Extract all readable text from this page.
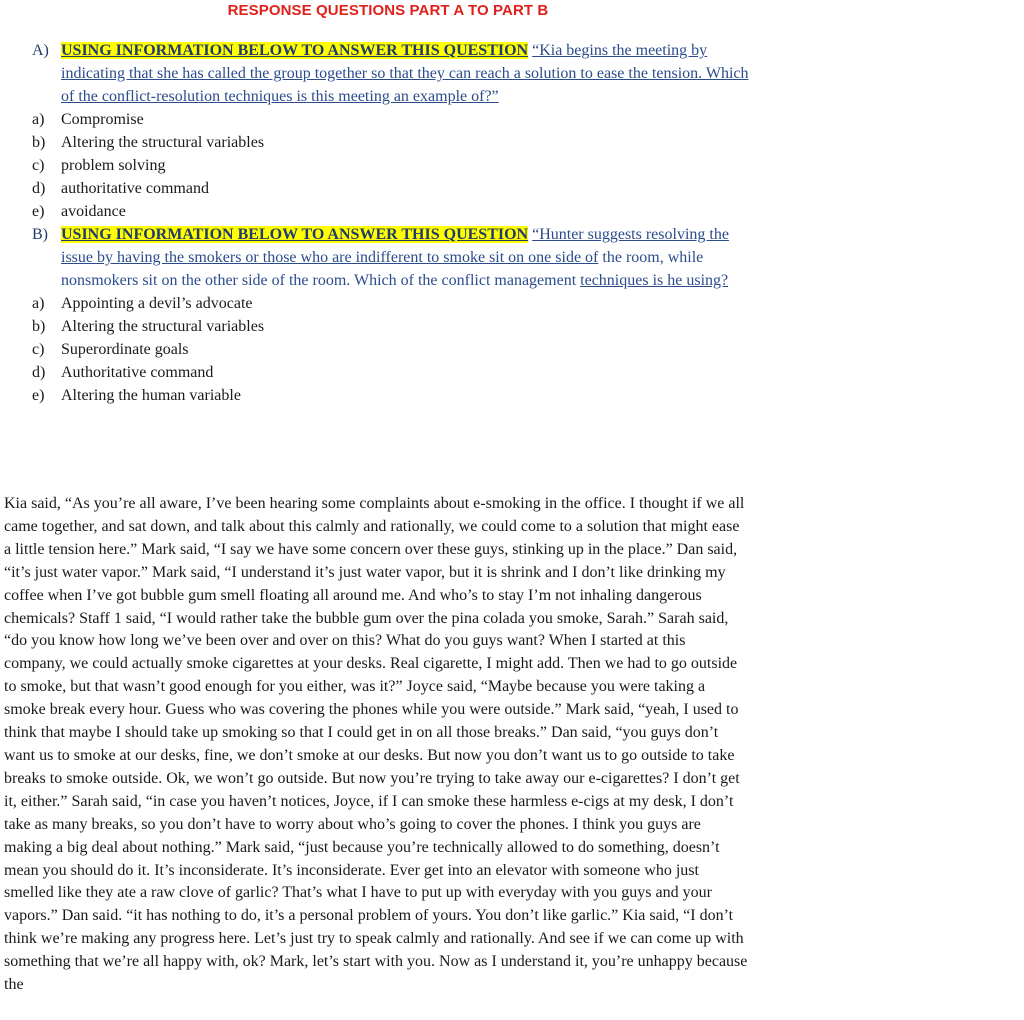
RESPONSE QUESTIONS PART A TO PART B
A) USING INFORMATION BELOW TO ANSWER THIS QUESTION “Kia begins the meeting by indicating that she has called the group together so that they can reach a solution to ease the tension. Which of the conflict-resolution techniques is this meeting an example of?”
a)	Compromise
b) Altering the structural variables
c)	problem solving
d) authoritative command
e)	avoidance
B) USING INFORMATION BELOW TO ANSWER THIS QUESTION “Hunter suggests resolving the issue by having the smokers or those who are indifferent to smoke sit on one side of the room, while nonsmokers sit on the other side of the room. Which of the conflict management techniques is he using?
a)	Appointing a devil’s advocate
b) Altering the structural variables
c)	Superordinate goals
d) Authoritative command
e)	Altering the human variable

Kia said, “As you’re all aware, I’ve been hearing some complaints about e-smoking in the office. I thought if we all came together, and sat down, and talk about this calmly and rationally, we could come to a solution that might ease a little tension here.” Mark said, “I say we have some concern over these guys, stinking up in the place.” Dan said, “it’s just water vapor.” Mark said, “I understand it’s just water vapor, but it is shrink and I don’t like drinking my coffee when I’ve got bubble gum smell floating all around me. And who’s to stay I’m not inhaling dangerous chemicals? Staff 1 said, “I would rather take the bubble gum over the pina colada you smoke, Sarah.” Sarah said, “do you know how long we’ve been over and over on this? What do you guys want? When I started at this company, we could actually smoke cigarettes at your desks. Real cigarette, I might add. Then we had to go outside to smoke, but that wasn’t good enough for you either, was it?” Joyce said, “Maybe because you were taking a smoke break every hour. Guess who was covering the phones while you were outside.” Mark said, “yeah, I used to think that maybe I should take up smoking so that I could get in on all those breaks.” Dan said, “you guys don’t want us to smoke at our desks, fine, we don’t smoke at our desks. But now you don’t want us to go outside to take breaks to smoke outside. Ok, we won’t go outside. But now you’re trying to take away our e-cigarettes? I don’t get it, either.” Sarah said, “in case you haven’t notices, Joyce, if I can smoke these harmless e-cigs at my desk, I don’t take as many breaks, so you don’t have to worry about who’s going to cover the phones. I think you guys are making a big deal about nothing.” Mark said, “just because you’re technically allowed to do something, doesn’t mean you should do it. It’s inconsiderate. It’s inconsiderate. Ever get into an elevator with someone who just smelled like they ate a raw clove of garlic? That’s what I have to put up with everyday with you guys and your vapors.” Dan said. “it has nothing to do, it’s a personal problem of yours. You don’t like garlic.” Kia said, “I don’t think we’re making any progress here. Let’s just try to speak calmly and rationally. And see if we can come up with something that we’re all happy with, ok? Mark, let’s start with you. Now as I understand it, you’re unhappy because the
